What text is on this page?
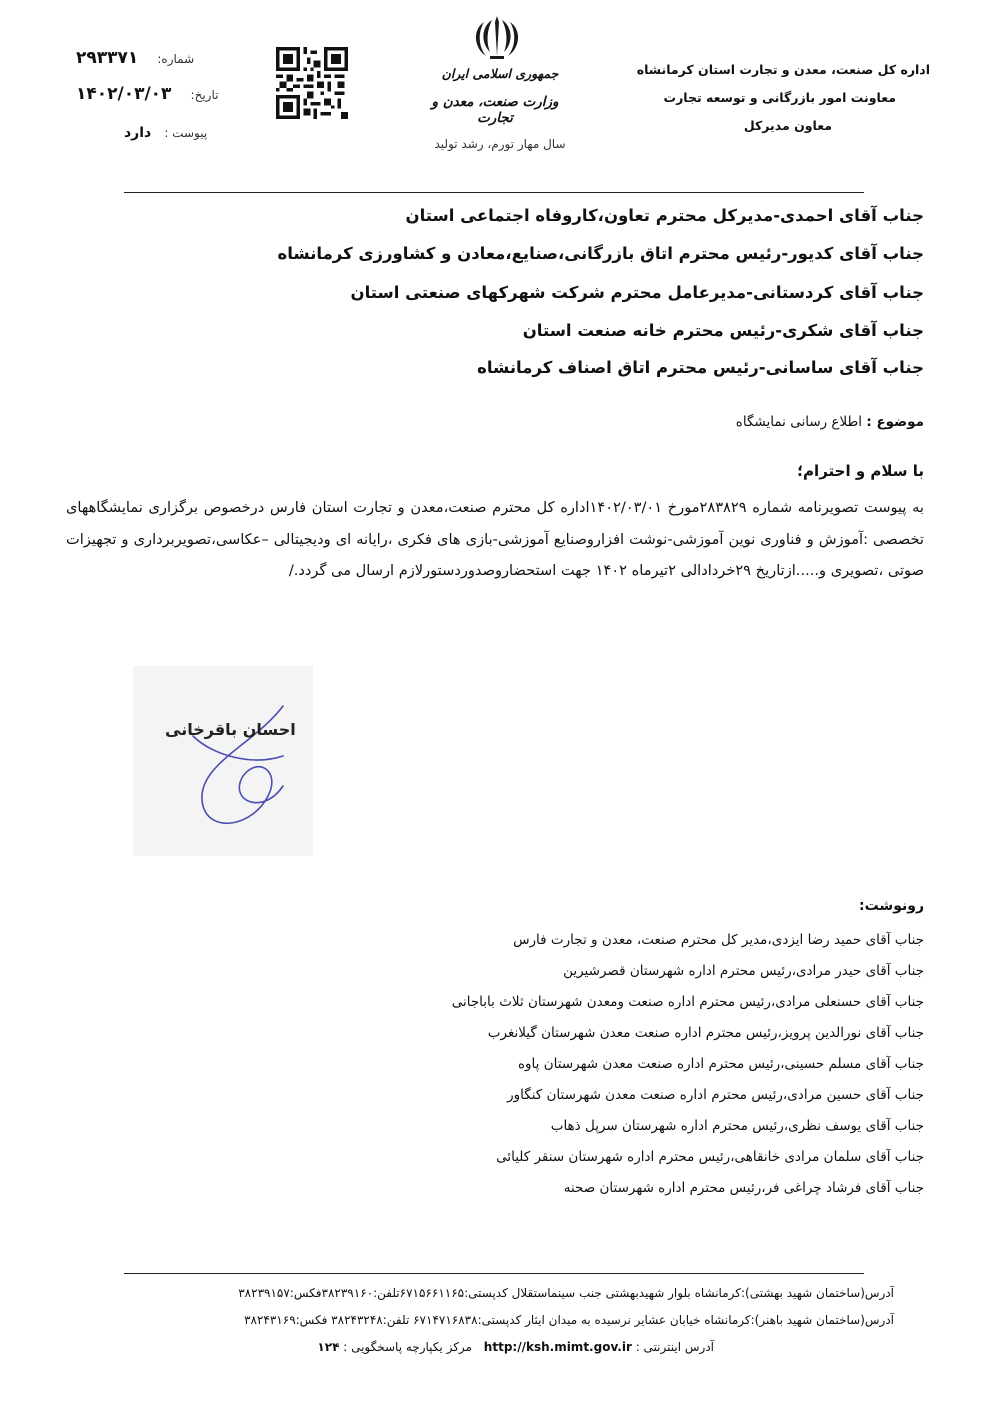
اداره کل صنعت، معدن و تجارت استان کرمانشاه
معاونت امور بازرگانی و توسعه تجارت
معاون مدیرکل
جمهوری اسلامی ایران
وزارت صنعت، معدن و تجارت
سال مهار تورم، رشد تولید
شماره: ۲۹۳۳۷۱
تاریخ: ۱۴۰۲/۰۳/۰۳
پیوست : دارد
جناب آقای احمدی-مدیرکل محترم تعاون،کاروفاه اجتماعی استان
جناب آقای کدیور-رئیس محترم اتاق بازرگانی،صنایع،معادن و کشاورزی کرمانشاه
جناب آقای کردستانی-مدیرعامل محترم شرکت شهرکهای صنعتی استان
جناب آقای شکری-رئیس محترم خانه صنعت استان
جناب آقای ساسانی-رئیس محترم اتاق اصناف کرمانشاه
موضوع : اطلاع رسانی نمایشگاه
با سلام و احترام؛
به پیوست تصویرنامه شماره ۲۸۳۸۲۹مورخ ۱۴۰۲/۰۳/۰۱اداره کل محترم صنعت،معدن و تجارت استان فارس درخصوص برگزاری نمایشگاههای تخصصی :آموزش و فناوری نوین آموزشی-نوشت افزاروصنایع آموزشی-بازی های فکری ،رایانه ای ودیجیتالی –عکاسی،تصویربرداری و تجهیزات صوتی ،تصویری و.....ازتاریخ ۲۹خردادالی ۲تیرماه ۱۴۰۲ جهت استحضاروصدوردستورلازم ارسال می گردد./
احسان باقرخانی
رونوشت:
جناب آقای حمید رضا ایزدی،مدیر کل محترم صنعت، معدن و تجارت فارس
جناب آقای حیدر مرادی،رئیس محترم اداره شهرستان قصرشیرین
جناب آقای حسنعلی مرادی،رئیس محترم اداره صنعت ومعدن شهرستان ثلاث باباجانی
جناب آقای نورالدین پرویز،رئیس محترم اداره صنعت معدن شهرستان گیلانغرب
جناب آقای مسلم حسینی،رئیس محترم اداره صنعت معدن شهرستان پاوه
جناب آقای حسین مرادی،رئیس محترم اداره صنعت معدن شهرستان کنگاور
جناب آقای یوسف نظری،رئیس محترم اداره شهرستان سرپل ذهاب
جناب آقای سلمان مرادی خانقاهی،رئیس محترم اداره شهرستان سنقر کلیائی
جناب آقای فرشاد چراغی فر،رئیس محترم اداره شهرستان صحنه
آدرس(ساختمان شهید بهشتی):کرمانشاه بلوار شهیدبهشتی جنب سینماستقلال کدپستی:۶۷۱۵۶۶۱۱۶۵تلفن:۳۸۲۳۹۱۶۰فکس:۳۸۲۳۹۱۵۷
آدرس(ساختمان شهید باهنر):کرمانشاه خیابان عشایر نرسیده به میدان ایثار کدپستی:۶۷۱۴۷۱۶۸۳۸ تلفن:۳۸۲۴۳۲۴۸ فکس:۳۸۲۴۳۱۶۹
آدرس اینترنتی : http://ksh.mimt.gov.ir مرکز یکپارچه پاسخگویی : ۱۲۴
